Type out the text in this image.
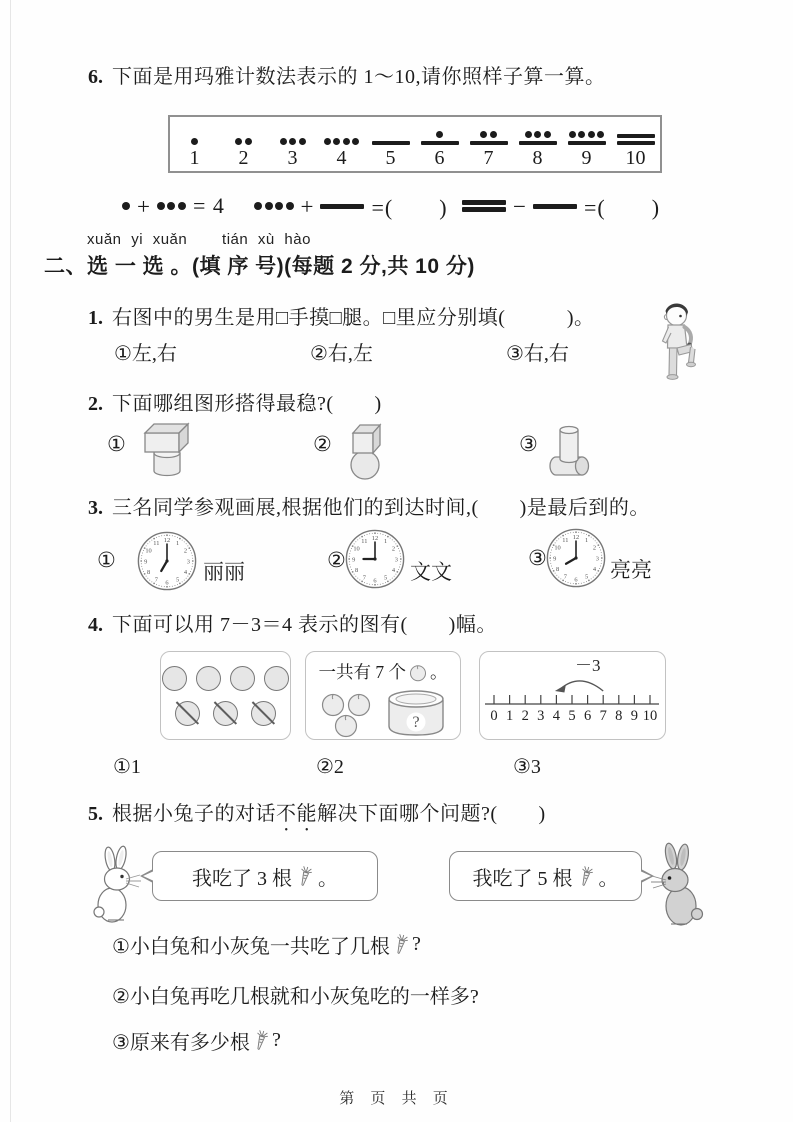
6. 下面是用玛雅计数法表示的 1～10,请你照样子算一算。
1 2 3 4 5 6 7 8 9 10
+ = 4	+	=(　　)	−	=(　　)
xuǎn yi xuǎn　  tián xù hào
二、选 一 选 。(填 序 号)(每题 2 分,共 10 分)
1. 右图中的男生是用□手摸□腿。□里应分别填(　　　)。
①左,右	②右,左	③右,右
2. 下面哪组图形搭得最稳?(　　)
①	②	③
3. 三名同学参观画展,根据他们的到达时间,(　　)是最后到的。
①
1
2
3
4
5
6
7
8
9
10
11 12
丽丽	②
1
2
3
4
5
6
7
8
9
10
11 12
文文
③
1
2
3
4
5
6
7
8
9
10
11 12
亮亮
4. 下面可以用 7－3＝4 表示的图有(　　)幅。
一共有 7 个 。
?	0 1 2 3 4 5 6 7 8 9 10
－3
①1	②2	③3
5. 根据小兔子的对话不能解决下面哪个问题?(　　)
我吃了 3 根 。	我吃了 5 根 。
①小白兔和小灰兔一共吃了几根 ?
②小白兔再吃几根就和小灰兔吃的一样多?
③原来有多少根 ?
第 页 共 页
